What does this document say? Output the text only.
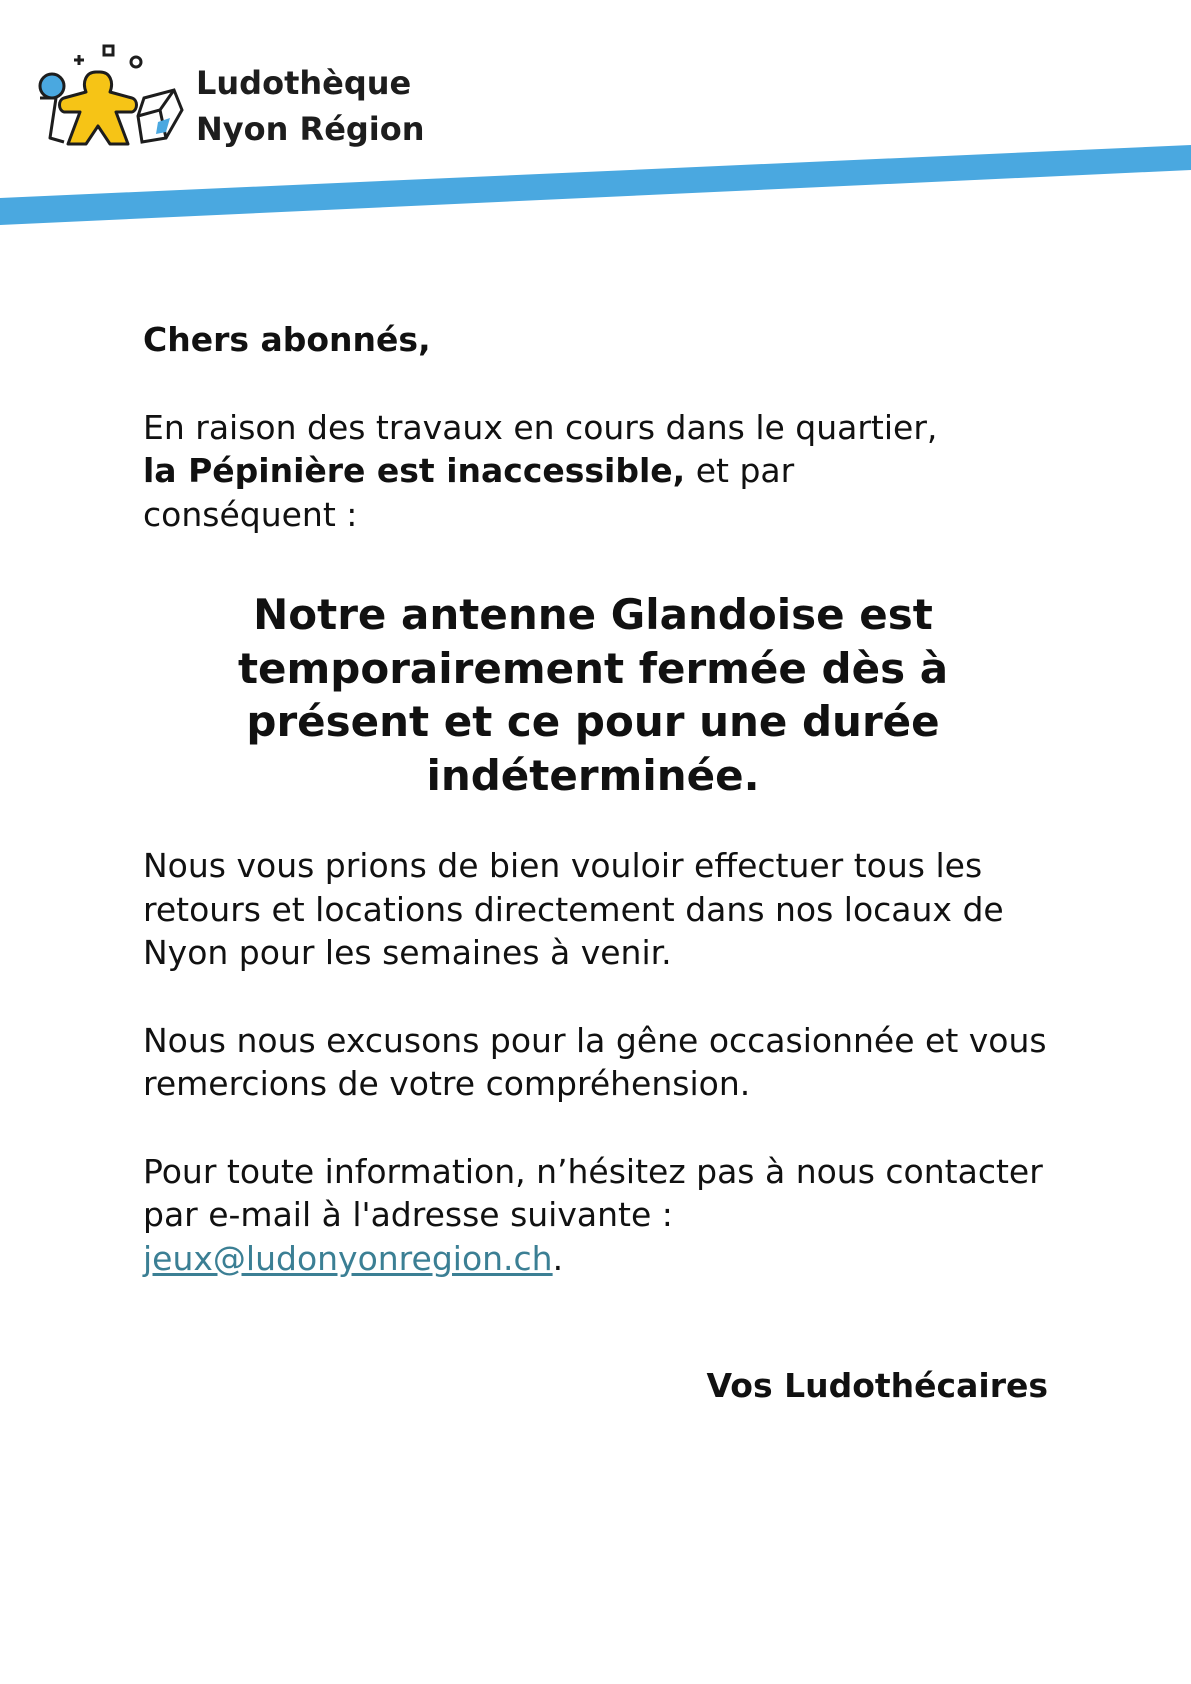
Ludothèque
Nyon Région

Chers abonnés,

En raison des travaux en cours dans le quartier,
la Pépinière est inaccessible, et par
conséquent :

Notre antenne Glandoise est temporairement fermée dès à présent et ce pour une durée indéterminée.

Nous vous prions de bien vouloir effectuer tous les retours et locations directement dans nos locaux de Nyon pour les semaines à venir.

Nous nous excusons pour la gêne occasionnée et vous remercions de votre compréhension.

Pour toute information, n’hésitez pas à nous contacter par e-mail à l'adresse suivante :
jeux@ludonyonregion.ch.

Vos Ludothécaires
